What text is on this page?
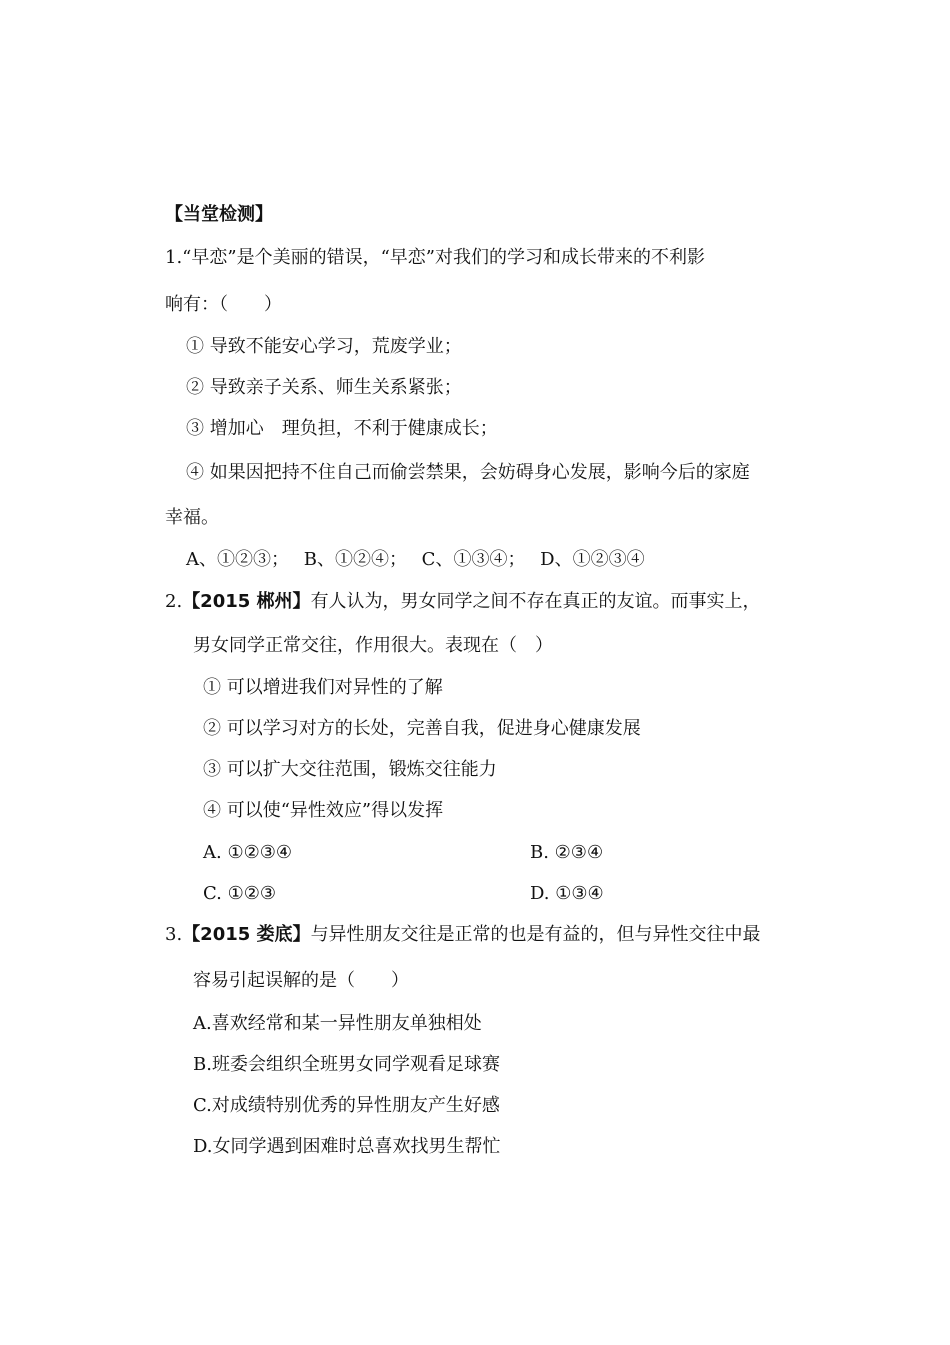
【当堂检测】
1.“早恋”是个美丽的错误，“早恋”对我们的学习和成长带来的不利影
响有：（　　）
① 导致不能安心学习，荒废学业；
② 导致亲子关系、师生关系紧张；
③ 增加心　理负担，不利于健康成长；
④ 如果因把持不住自己而偷尝禁果，会妨碍身心发展，影响今后的家庭
幸福。
A、①②③；　 B、①②④；　 C、①③④；　 D、①②③④
2.【2015 郴州】有人认为，男女同学之间不存在真正的友谊。而事实上，
男女同学正常交往，作用很大。表现在（　）
① 可以增进我们对异性的了解
② 可以学习对方的长处，完善自我，促进身心健康发展
③ 可以扩大交往范围，锻炼交往能力
④ 可以使“异性效应”得以发挥
A. ①②③④	B. ②③④
C. ①②③	D. ①③④
3.【2015 娄底】与异性朋友交往是正常的也是有益的，但与异性交往中最
容易引起误解的是（　　）
A.喜欢经常和某一异性朋友单独相处
B.班委会组织全班男女同学观看足球赛
C.对成绩特别优秀的异性朋友产生好感
D.女同学遇到困难时总喜欢找男生帮忙
